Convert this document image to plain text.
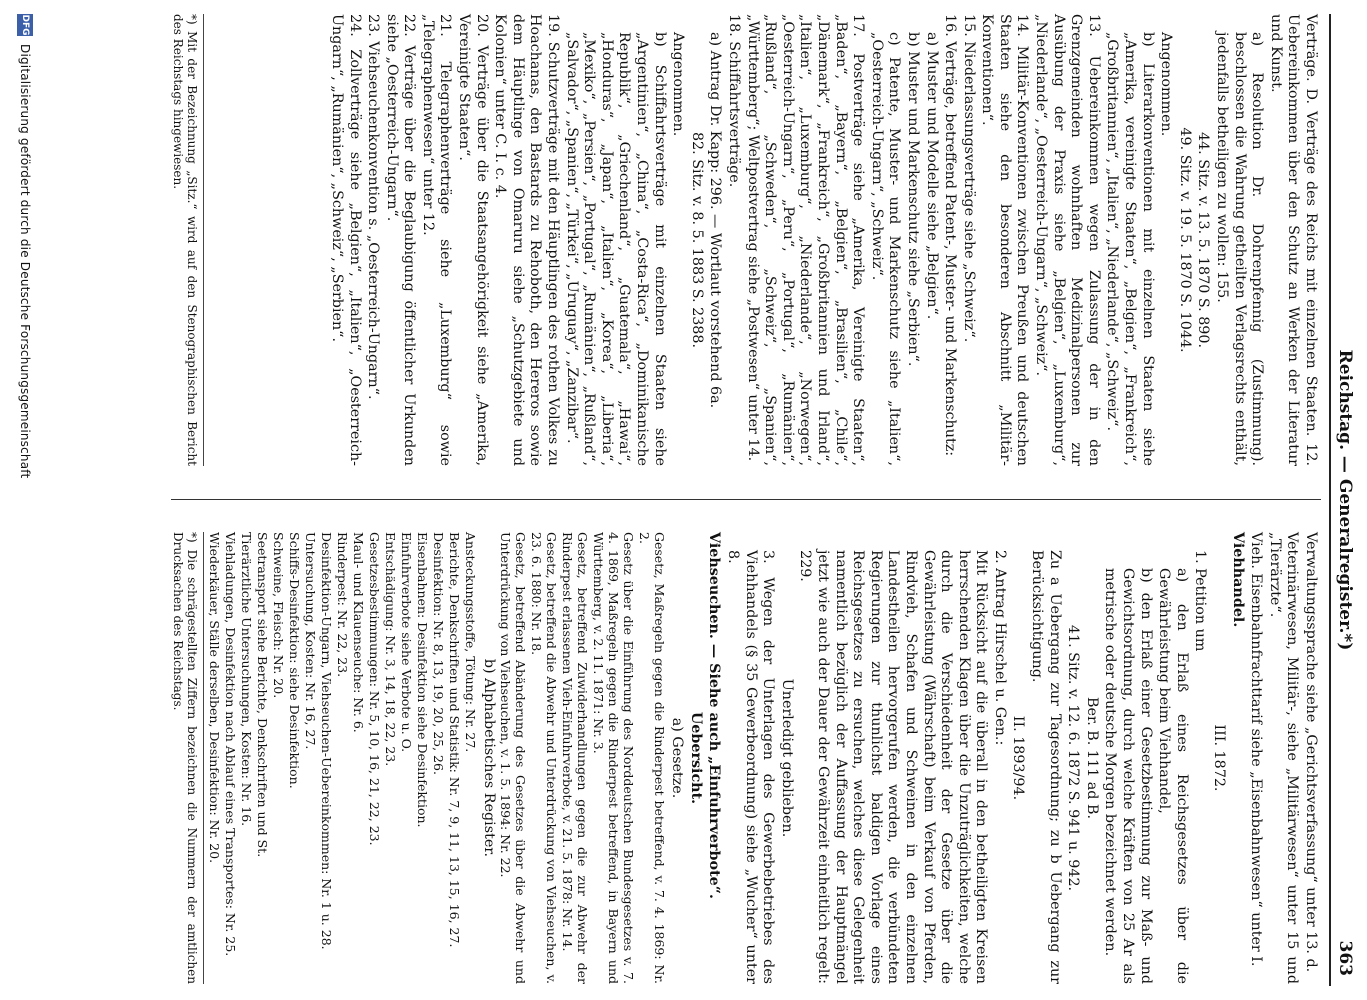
Reichstag. — Generalregister.*)
363

Verträge. D. Verträge des Reichs mit einzelnen Staaten. 12. Uebereinkommen über den Schutz an Werken der Literatur und Kunst.

a) Resolution Dr. Dohrenpfennig (Zustimmung). beschlossen die Wahrung getheilten Verlagsrechts enthält, jedenfalls betheiligen zu wollen: 155.

44. Sitz. v. 13. 5. 1870 S. 890.

49. Sitz. v. 19. 5. 1870 S. 1044.

Angenommen.

b) Literarkonventionen mit einzelnen Staaten siehe „Amerika, vereinigte Staaten“, „Belgien“, „Frankreich“, „Großbritannien“, „Italien“, „Niederlande“, „Schweiz“.

13. Uebereinkommen wegen Zulassung der in den Grenzgemeinden wohnhaften Medizinalpersonen zur Ausübung der Praxis siehe „Belgien“, „Luxemburg“, „Niederlande“, „Oesterreich-Ungarn“, „Schweiz“.

14. Militär-Konventionen zwischen Preußen und deutschen Staaten siehe den besonderen Abschnitt „Militär-Konventionen“.

15. Niederlassungsverträge siehe „Schweiz“.

16. Verträge, betreffend Patent-, Muster- und Markenschutz:

a) Muster und Modelle siehe „Belgien“.

b) Muster und Markenschutz siehe „Serbien“.

c) Patente, Muster- und Markenschutz siehe „Italien“, „Oesterreich-Ungarn“, „Schweiz“.

17. Postverträge siehe „Amerika, Vereinigte Staaten“, „Baden“, „Bayern“, „Belgien“, „Brasilien“, „Chile“, „Dänemark“, „Frankreich“, „Großbritannien und Irland“, „Italien“, „Luxemburg“, „Niederlande“, „Norwegen“, „Oesterreich-Ungarn“, „Peru“, „Portugal“, „Rumänien“, „Rußland“, „Schweden“, „Schweiz“, „Spanien“, „Württemberg“; Weltpostvertrag siehe „Postwesen“ unter 14.

18. Schiffahrtsverträge.

a) Antrag Dr. Kapp: 296. — Wortlaut vorstehend 6a.

82. Sitz. v. 8. 5. 1883 S. 2388.

Angenommen.

b) Schiffahrtsverträge mit einzelnen Staaten siehe „Argentinien“, „China“, „Costa-Rica“, „Dominikanische Republik“, „Griechenland“, „Guatemala“, „Hawai“, „Honduras“, „Japan“, „Italien“, „Korea“, „Liberia“, „Mexiko“, „Persien“, „Portugal“, „Rumänien“, „Rußland“, „Salvador“, „Spanien“, „Türkei“, „Uruguay“, „Zanzibar“.

19. Schutzverträge mit den Häuptlingen des rothen Volkes zu Hoachanas, den Bastards zu Rehoboth, den Hereros sowie dem Häuptlinge von Omaruru siehe „Schutzgebiete und Kolonien“ unter C. I. c. 4.

20. Verträge über die Staatsangehörigkeit siehe „Amerika, Vereinigte Staaten“.

21. Telegraphenverträge siehe „Luxemburg“ sowie „Telegraphenwesen“ unter 12.

22. Verträge über die Beglaubigung öffentlicher Urkunden siehe „Oesterreich-Ungarn“.

23. Viehseuchenkonvention s. „Oesterreich-Ungarn“.

24. Zollverträge siehe „Belgien“, „Italien“, „Oesterreich-Ungarn“, „Rumänien“, „Schweiz“, „Serbien“.

*) Mit der Bezeichnung „Sitz.“ wird auf den Stenographischen Bericht des Reichstags hingewiesen.

Verwaltungssprache siehe „Gerichtsverfassung“ unter 13. d.

Veterinärwesen, Militär-, siehe „Militärwesen“ unter 15 und „Tierärzte“.

Vieh. Eisenbahnfrachttarif siehe „Eisenbahnwesen“ unter I.

Viehhandel.

III. 1872.

1. Petition um

a) den Erlaß eines Reichsgesetzes über die Gewährleistung beim Viehhandel,

b) den Erlaß einer Gesetzbestimmung zur Maß- und Gewichtsordnung, durch welche Kräften von 25 Ar als metrische oder deutsche Morgen bezeichnet werden.

Ber. B. 111 ad B.

41. Sitz. v. 12. 6. 1872 S. 941 u. 942.

Zu a Uebergang zur Tagesordnung; zu b Uebergang zur Berücksichtigung.

II. 1893/94.

2. Antrag Hirschel u. Gen.:

Mit Rücksicht auf die überall in den betheiligten Kreisen herrschenden Klagen über die Unzuträglichkeiten, welche durch die Verschiedenheit der Gesetze über die Gewährleistung (Währschaft) beim Verkauf von Pferden, Rindvieh, Schafen und Schweinen in den einzelnen Landestheilen hervorgerufen werden, die verbündeten Regierungen zur thunlichst baldigen Vorlage eines Reichsgesetzes zu ersuchen, welches diese Gelegenheit namentlich bezüglich der Auffassung der Hauptmängel jetzt wie auch der Dauer der Gewährzeit einheitlich regelt: 229.

Unerledigt geblieben.

3. Wegen der Unterlagen des Gewerbebetriebes des Viehhandels (§ 35 Gewerbeordnung) siehe „Wucher“ unter 8.

Viehseuchen. — Siehe auch „Einfuhrverbote“.

Uebersicht.

a) Gesetze.

Gesetz, Maßregeln gegen die Rinderpest betreffend, v. 7. 4. 1869: Nr. 2.

Gesetz über die Einführung des Norddeutschen Bundesgesetzes v. 7. 4. 1869, Maßregeln gegen die Rinderpest betreffend, in Bayern und Württemberg, v. 2. 11. 1871: Nr. 3.

Gesetz, betreffend Zuwiderhandlungen gegen die zur Abwehr der Rinderpest erlassenen Vieh-Einfuhrverbote, v. 21. 5. 1878: Nr. 14.

Gesetz, betreffend die Abwehr und Unterdrückung von Viehseuchen, v. 23. 6. 1880: Nr. 18.

Gesetz, betreffend Abänderung des Gesetzes über die Abwehr und Unterdrückung von Viehseuchen, v. 1. 5. 1894: Nr. 22.

b) Alphabetisches Register.

Ansteckungsstoffe, Tötung: Nr. 27.

Berichte, Denkschriften und Statistik: Nr. 7, 9, 11, 13, 15, 16, 27.

Desinfektion: Nr. 8, 13, 19, 20, 25, 26.

Eisenbahnen: Desinfektion siehe Desinfektion.

Einfuhrverbote siehe Verbote u. O.

Entschädigung: Nr. 3, 14, 18, 22, 23.

Gesetzesbestimmungen: Nr. 5, 10, 16, 21, 22, 23.

Maul- und Klauenseuche: Nr. 6.

Rinderpest: Nr. 22, 23.

Desinfektion-Ungarn, Viehseuchen-Uebereinkommen: Nr. 1 u. 28.

Untersuchung, Kosten: Nr. 16, 27.

Schiffs-Desinfektion: siehe Desinfektion.

Schweine, Fleisch: Nr. 20.

Seetransport siehe Berichte, Denkschriften und St.

Tierärztliche Untersuchungen, Kosten: Nr. 16.

Viehladungen, Desinfektion nach Ablauf eines Transportes: Nr. 25.

Wiederkäuer, Ställe derselben, Desinfektion: Nr. 20.

*) Die schrägestellten Ziffern bezeichnen die Nummern der amtlichen Drucksachen des Reichstags.
DFG
Digitalisierung gefördert durch die Deutsche Forschungsgemeinschaft
